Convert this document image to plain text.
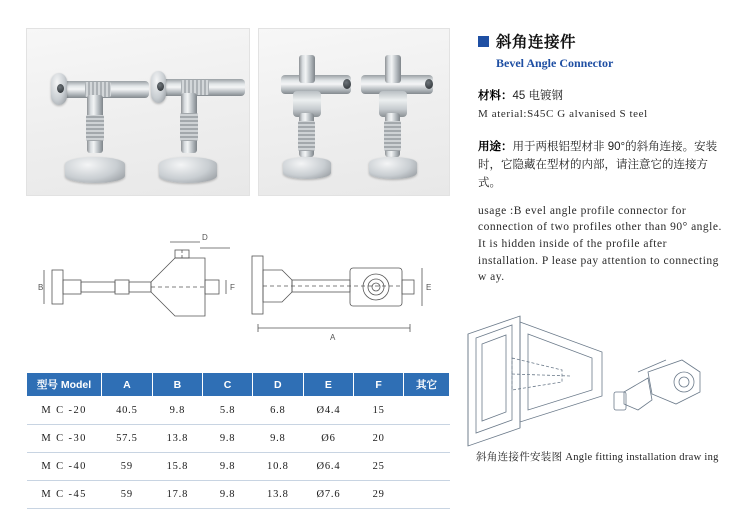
斜角连接件
Bevel Angle Connector
材料：45 电镀钢
M aterial:S45C G alvanised S teel
用途：用于两根铝型材非 90°的斜角连接。安装时，它隐藏在型材的内部，请注意它的连接方式。
usage :B evel angle profile connector for connection of two profiles other than 90° angle. It is hidden inside of the profile after installation. P lease pay attention to connecting w ay.
B
D
F	E
A
斜角连接件安装图 Angle fitting installation draw ing
型号 Model	A	B	C	D	E	F	其它
M C -20	40.5	9.8	5.8	6.8	Ø4.4	15	
M C -30	57.5	13.8	9.8	9.8	Ø6	20	
M C -40	59	15.8	9.8	10.8	Ø6.4	25	
M C -45	59	17.8	9.8	13.8	Ø7.6	29	
